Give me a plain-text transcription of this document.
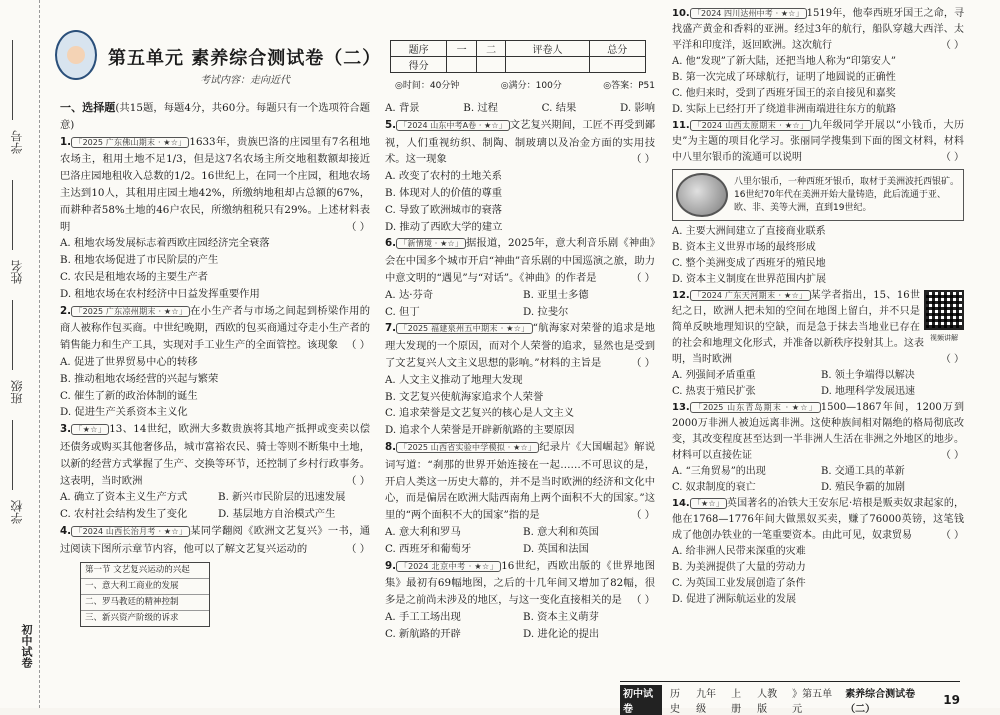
学号
姓名
班级
学校
初中试卷
第五单元 素养综合测试卷（二）
考试内容：走向近代
题序	一	二	评卷人	总分
得分				
◎时间：40分钟	◎满分：100分	◎答案：P51

一、选择题(共15题，每题4分，共60分。每题只有一个选项符合题意)

1. 「2025 广东佛山期末 · ★☆」 1633年，贵族巴洛的庄园里有7名租地农场主，租用土地不足1/3，但是这7名农场主所交地租数额却接近巴洛庄园地租收入总数的1/2。16世纪上，在同一个庄园，租地农场主达到10人，其租用庄园土地42%，所缴纳地租却占总额的67%，而耕种者58%土地的46户农民，所缴纳租税只有29%。上述材料表明	（ ）

A. 租地农场发展标志着西欧庄园经济完全衰落
B. 租地农场促进了市民阶层的产生
C. 农民是租地农场的主要生产者
D. 租地农场在农村经济中日益发挥重要作用

2. 「2025 广东凉州期末 · ★☆」 在小生产者与市场之间起到桥梁作用的商人被称作包买商。中世纪晚期，西欧的包买商通过夺走小生产者的销售能力和生产工具，实现对手工业生产的全面管控。该现象 （ ）

A. 促进了世界贸易中心的转移
B. 推动租地农场经营的兴起与繁荣
C. 催生了新的政治体制的诞生
D. 促进生产关系资本主义化

3. 「★☆」 13、14世纪，欧洲大多数贵族将其地产抵押或变卖以偿还债务或购买其他奢侈品，城市富裕农民、骑士等则不断集中土地，以新的经营方式掌握了生产、交换等环节，还控制了乡村行政事务。这表明，当时欧洲	（ ）

A. 确立了资本主义生产方式	B. 新兴市民阶层的迅速发展
C. 农村社会结构发生了变化	D. 基层地方自治模式产生

4. 「2024 山西长治月考 · ★☆」 某同学翻阅《欧洲文艺复兴》一书，通过阅读下图所示章节内容，他可以了解文艺复兴运动的	（ ）

第一节 文艺复兴运动的兴起
一、意大利工商业的发展
二、罗马教廷的精神控制
三、新兴资产阶级的诉求
A. 背景	B. 过程	C. 结果	D. 影响

5. 「2024 山东中考A卷 · ★☆」 文艺复兴期间，工匠不再受到鄙视，人们重视纺织、制陶、制玻璃以及冶金方面的实用技术。这一现象	（ ）

A. 改变了农村的土地关系
B. 体现对人的价值的尊重
C. 导致了欧洲城市的衰落
D. 推动了西欧大学的建立

6. 「新情境 · ★☆」 据报道，2025年，意大利音乐剧《神曲》会在中国多个城市开启“神曲”音乐剧的中国巡演之旅，助力中意文明的“遇见”与“对话”。《神曲》的作者是	（ ）

A. 达·芬奇	B. 亚里士多德
C. 但丁	D. 拉斐尔

7. 「2025 福建泉州五中期末 · ★☆」 “航海家对荣誉的追求是地理大发现的一个原因，而对个人荣誉的追求，显然也是受到了文艺复兴人文主义思想的影响。”材料的主旨是	（ ）

A. 人文主义推动了地理大发现
B. 文艺复兴使航海家追求个人荣誉
C. 追求荣誉是文艺复兴的核心是人文主义
D. 追求个人荣誉是开辟新航路的主要原因

8. 「2025 山西省实验中学模拟 · ★☆」 纪录片《大国崛起》解说词写道：“刹那的世界开始连接在一起……不可思议的是，开启人类这一历史大幕的，并不是当时欧洲的经济和文化中心，而是偏居在欧洲大陆西南角上两个面积不大的国家。”这里的“两个面积不大的国家”指的是	（ ）

A. 意大利和罗马	B. 意大利和英国
C. 西班牙和葡萄牙	D. 英国和法国

9. 「2024 北京中考 · ★☆」 16世纪，西欧出版的《世界地图集》最初有69幅地图，之后的十几年间又增加了82幅，很多是之前尚未涉及的地区，与这一变化直接相关的是 （ ）

A. 手工工场出现	B. 资本主义萌芽
C. 新航路的开辟	D. 进化论的提出

10. 「2024 四川达州中考 · ★☆」 1519年，他奉西班牙国王之命，寻找盛产黄金和香料的亚洲。经过3年的航行，船队穿越大西洋、太平洋和印度洋，返回欧洲。这次航行	（ ）

A. 他“发现”了新大陆，还把当地人称为“印第安人”
B. 第一次完成了环球航行，证明了地圆说的正确性
C. 他归来时，受到了西班牙国王的亲自接见和嘉奖
D. 实际上已经打开了绕道非洲南端进往东方的航路

11. 「2024 山西太原期末 · ★☆」 九年级同学开展以“小钱币，大历史”为主题的项目化学习。张丽同学搜集到下面的图文材料，材料中八里尔银币的流通可以说明	（ ）

八里尔银币，一种西班牙银币，取材于美洲波托西银矿。16世纪70年代在美洲开始大量铸造，此后流通于亚、欧、非、美等大洲，直到19世纪。
A. 主要大洲间建立了直接商业联系
B. 资本主义世界市场的最终形成
C. 整个美洲变成了西班牙的殖民地
D. 资本主义制度在世界范围内扩展
视频讲解

12. 「2024 广东天河期末 · ★☆」 某学者指出，15、16世纪之日，欧洲人把未知的空间在地图上留白，并不只是简单反映地理知识的空缺，而是急于抹去当地业已存在的社会和地理文化形式，并准备以新秩序投射其上。这表明，当时欧洲	（ ）

A. 列强间矛盾重重	B. 领土争端得以解决
C. 热衷于殖民扩张	D. 地理科学发展迅速

13. 「2025 山东青岛期末 · ★☆」 1500—1867年间，1200万到2000万非洲人被迫远离非洲。这使种族间相对隔绝的格局彻底改变，其改变程度甚至达到一半非洲人生活在非洲之外地区的地步。材料可以直接佐证	（ ）

A. “三角贸易”的出现	B. 交通工具的革新
C. 奴隶制度的衰亡	D. 殖民争霸的加剧

14. 「★☆」 英国著名的冶铁大王安东尼·培根是贩卖奴隶起家的，他在1768—1776年间大做黑奴买卖，赚了76000英镑，这笔钱成了他创办铁业的一笔重要资本。由此可见，奴隶贸易	（ ）

A. 给非洲人民带来深重的灾难
B. 为美洲提供了大量的劳动力
C. 为英国工业发展创造了条件
D. 促进了洲际航运业的发展
初中试卷
历史
九年级
上册
人教版
》第五单元
素养综合测试卷（二）
19
